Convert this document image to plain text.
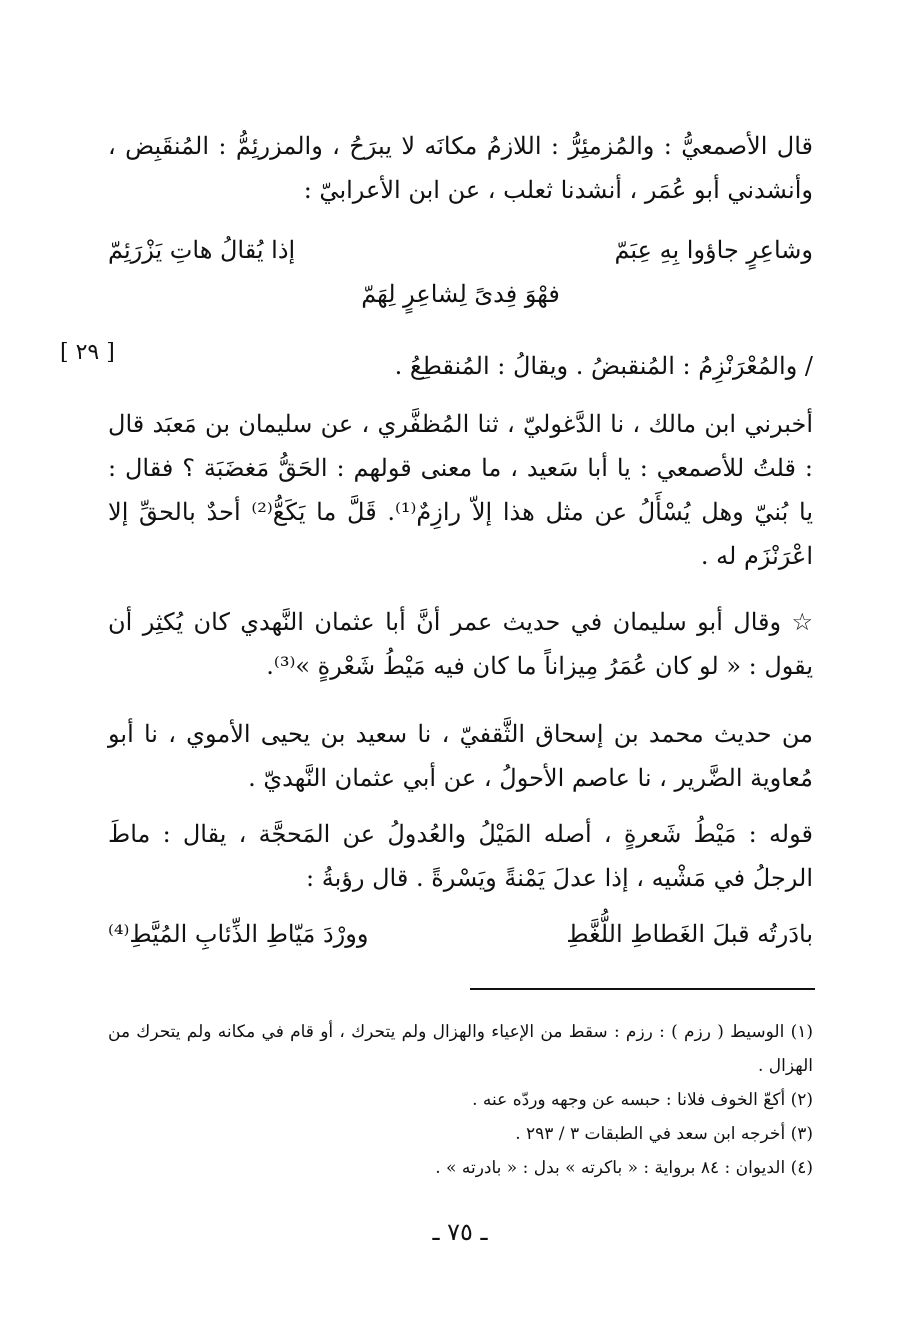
قال الأصمعيُّ : والمُزمئِرُّ : اللازمُ مكانَه لا يبرَحُ ، والمزرئِمُّ : المُنقَبِض ، وأنشدني أبو عُمَر ، أنشدنا ثعلب ، عن ابن الأعرابيّ :

وشاعِرٍ جاؤوا بِهِ عِبَمّ
إذا يُقالُ هاتِ يَزْرَئِمّ

فهْوَ فِدىً لِشاعِرٍ لِهَمّ

/ والمُعْرَنْزِمُ : المُنقبضُ . ويقالُ : المُنقطِعُ .

[ ٢٩ ]

أخبرني ابن مالك ، نا الدَّغوليّ ، ثنا المُظفَّري ، عن سليمان بن مَعبَد قال : قلتُ للأصمعي : يا أبا سَعيد ، ما معنى قولهم : الحَقُّ مَغضَبَة ؟ فقال : يا بُنيّ وهل يُسْأَلُ عن مثل هذا إلاّ رازِمٌ⁽¹⁾. قَلَّ ما يَكَعُّ⁽²⁾ أحدٌ بالحقِّ إلا اعْرَنْزَم له .

☆ وقال أبو سليمان في حديث عمر أنَّ أبا عثمان النَّهدي كان يُكثِر أن يقول : « لو كان عُمَرُ مِيزاناً ما كان فيه مَيْطُ شَعْرةٍ »⁽³⁾.

من حديث محمد بن إسحاق الثَّقفيّ ، نا سعيد بن يحيى الأموي ، نا أبو مُعاوية الضَّرير ، نا عاصم الأحولُ ، عن أبي عثمان النَّهديّ .

قوله : مَيْطُ شَعرةٍ ، أصله المَيْلُ والعُدولُ عن المَحجَّة ، يقال : ماطَ الرجلُ في مَشْيه ، إذا عدلَ يَمْنةً ويَسْرةً . قال رؤبةُ :

بادَرتُه قبلَ الغَطاطِ اللُّغَّطِ
وورْدَ مَيّاطِ الذِّئابِ المُيَّطِ⁽⁴⁾

(١) الوسيط ( رزم ) : رزم : سقط من الإعياء والهزال ولم يتحرك ، أو قام في مكانه ولم يتحرك من الهزال .

(٢) أكعّ الخوف فلانا : حبسه عن وجهه وردّه عنه .

(٣) أخرجه ابن سعد في الطبقات ٣ / ٢٩٣ .

(٤) الديوان : ٨٤ برواية : « باكرته » بدل : « بادرته » .

ـ ٧٥ ـ
